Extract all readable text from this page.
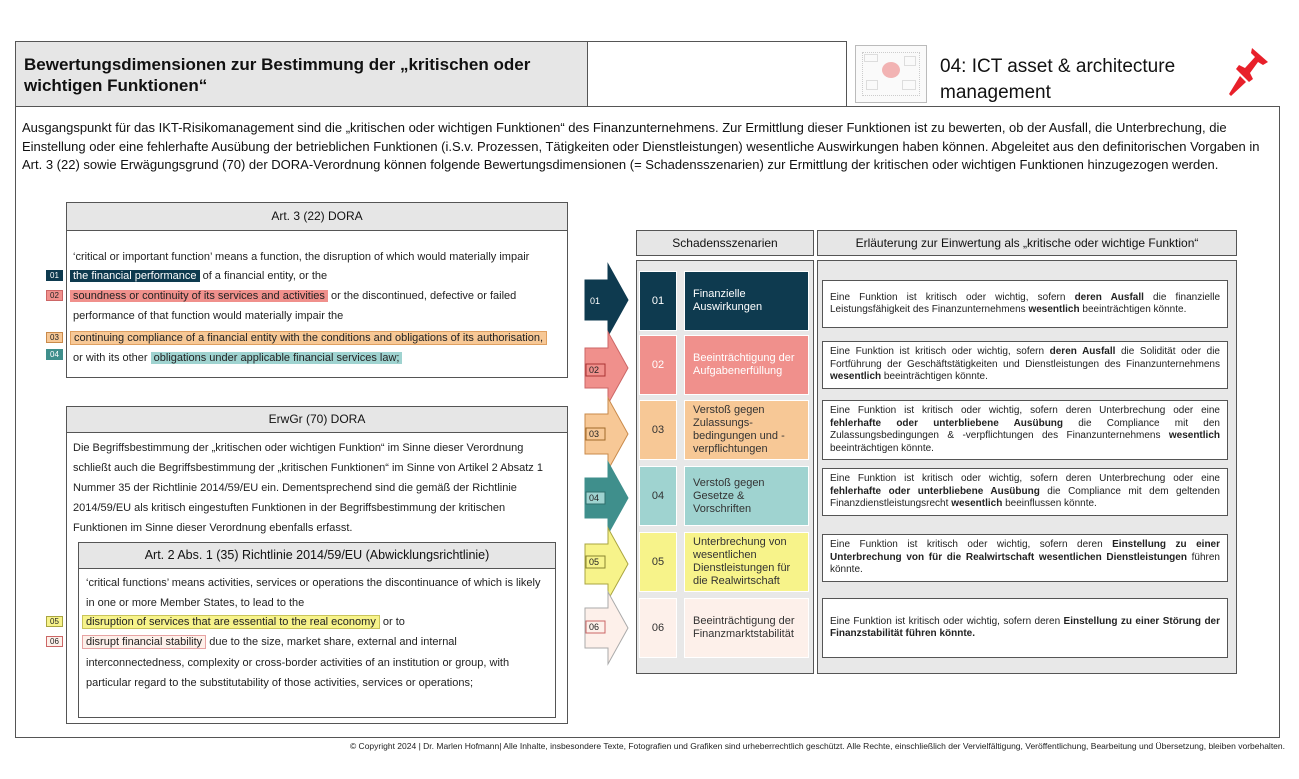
Bewertungsdimensionen zur Bestimmung der „kritischen oder wichtigen Funktionen“
04: ICT asset & architecture management
Ausgangspunkt für das IKT-Risikomanagement sind die „kritischen oder wichtigen Funktionen“ des Finanzunternehmens. Zur Ermittlung dieser Funktionen ist zu bewerten, ob der Ausfall, die Unterbrechung, die Einstellung oder eine fehlerhafte Ausübung der betrieblichen Funktionen (i.S.v. Prozessen, Tätigkeiten oder Dienstleistungen) wesentliche Auswirkungen haben können. Abgeleitet aus den definitorischen Vorgaben in Art. 3 (22) sowie Erwägungsgrund (70) der DORA-Verordnung können folgende Bewertungsdimensionen (= Schadensszenarien) zur Ermittlung der kritischen oder wichtigen Funktionen hinzugezogen werden.
Art. 3 (22) DORA
‘critical or important function’ means a function, the disruption of which would materially impair
the financial performance of a financial entity, or the
soundness or continuity of its services and activities or the discontinued, defective or failed
performance of that function would materially impair the
continuing compliance of a financial entity with the conditions and obligations of its authorisation,
or with its other obligations under applicable financial services law;
01
02
03
04
ErwGr (70) DORA
Die Begriffsbestimmung der „kritischen oder wichtigen Funktion“ im Sinne dieser Verordnung
schließt auch die Begriffsbestimmung der „kritischen Funktionen“ im Sinne von Artikel 2 Absatz 1
Nummer 35 der Richtlinie 2014/59/EU ein. Dementsprechend sind die gemäß der Richtlinie
2014/59/EU als kritisch eingestuften Funktionen in der Begriffsbestimmung der kritischen
Funktionen im Sinne dieser Verordnung ebenfalls erfasst.
Art. 2 Abs. 1 (35) Richtlinie 2014/59/EU (Abwicklungsrichtlinie)
‘critical functions’ means activities, services or operations the discontinuance of which is likely
in one or more Member States, to lead to the
disruption of services that are essential to the real economy or to
disrupt financial stability due to the size, market share, external and internal
interconnectedness, complexity or cross-border activities of an institution or group, with
particular regard to the substitutability of those activities, services or operations;
05
06
Schadensszenarien	Erläuterung zur Einwertung als „kritische oder wichtige Funktion“
01
02
03
04
05
06
01
Finanzielle Auswirkungen
Eine Funktion ist kritisch oder wichtig, sofern deren Ausfall die finanzielle Leistungsfähigkeit des Finanzunternehmens wesentlich beeinträchtigen könnte.
02
Beeinträchtigung der Aufgabenerfüllung
Eine Funktion ist kritisch oder wichtig, sofern deren Ausfall die Solidität oder die Fortführung der Geschäftstätigkeiten und Dienstleistungen des Finanzunternehmens wesentlich beeinträchtigen könnte.
03
Verstoß gegen Zulassungs-bedingungen und -verpflichtungen
Eine Funktion ist kritisch oder wichtig, sofern deren Unterbrechung oder eine fehlerhafte oder unterbliebene Ausübung die Compliance mit den Zulassungsbedingungen & -verpflichtungen des Finanzunternehmens wesentlich beeinträchtigen könnte.
04
Verstoß gegen Gesetze & Vorschriften
Eine Funktion ist kritisch oder wichtig, sofern deren Unterbrechung oder eine fehlerhafte oder unterbliebene Ausübung die Compliance mit dem geltenden Finanzdienstleistungsrecht wesentlich beeinflussen könnte.
05
Unterbrechung von wesentlichen Dienstleistungen für die Realwirtschaft
Eine Funktion ist kritisch oder wichtig, sofern deren Einstellung zu einer Unterbrechung von für die Realwirtschaft wesentlichen Dienstleistungen führen könnte.
06
Beeinträchtigung der Finanzmarktstabilität
Eine Funktion ist kritisch oder wichtig, sofern deren Einstellung zu einer Störung der Finanzstabilität führen könnte.
© Copyright 2024 | Dr. Marlen Hofmann| Alle Inhalte, insbesondere Texte, Fotografien und Grafiken sind urheberrechtlich geschützt. Alle Rechte, einschließlich der Vervielfältigung, Veröffentlichung, Bearbeitung und Übersetzung, bleiben vorbehalten.
